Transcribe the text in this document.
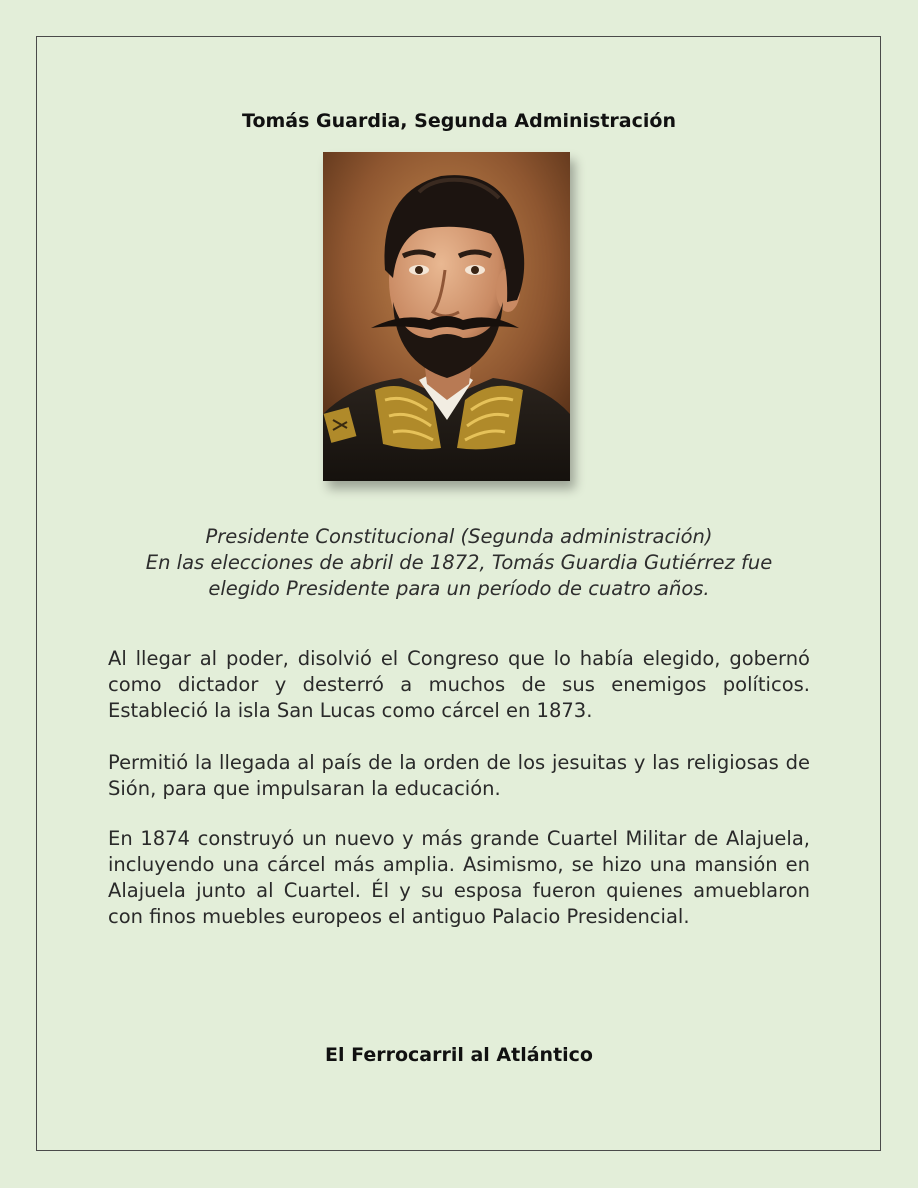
Tomás Guardia, Segunda Administración
Presidente Constitucional (Segunda administración)
En las elecciones de abril de 1872, Tomás Guardia Gutiérrez fue
elegido Presidente para un período de cuatro años.

Al llegar al poder, disolvió el Congreso que lo había elegido, gobernó como dictador y desterró a muchos de sus enemigos políticos. Estableció la isla San Lucas como cárcel en 1873.

Permitió la llegada al país de la orden de los jesuitas y las religiosas de Sión, para que impulsaran la educación.

En 1874 construyó un nuevo y más grande Cuartel Militar de Alajuela, incluyendo una cárcel más amplia. Asimismo, se hizo una mansión en Alajuela junto al Cuartel. Él y su esposa fueron quienes amueblaron con finos muebles europeos el antiguo Palacio Presidencial.

El Ferrocarril al Atlántico
